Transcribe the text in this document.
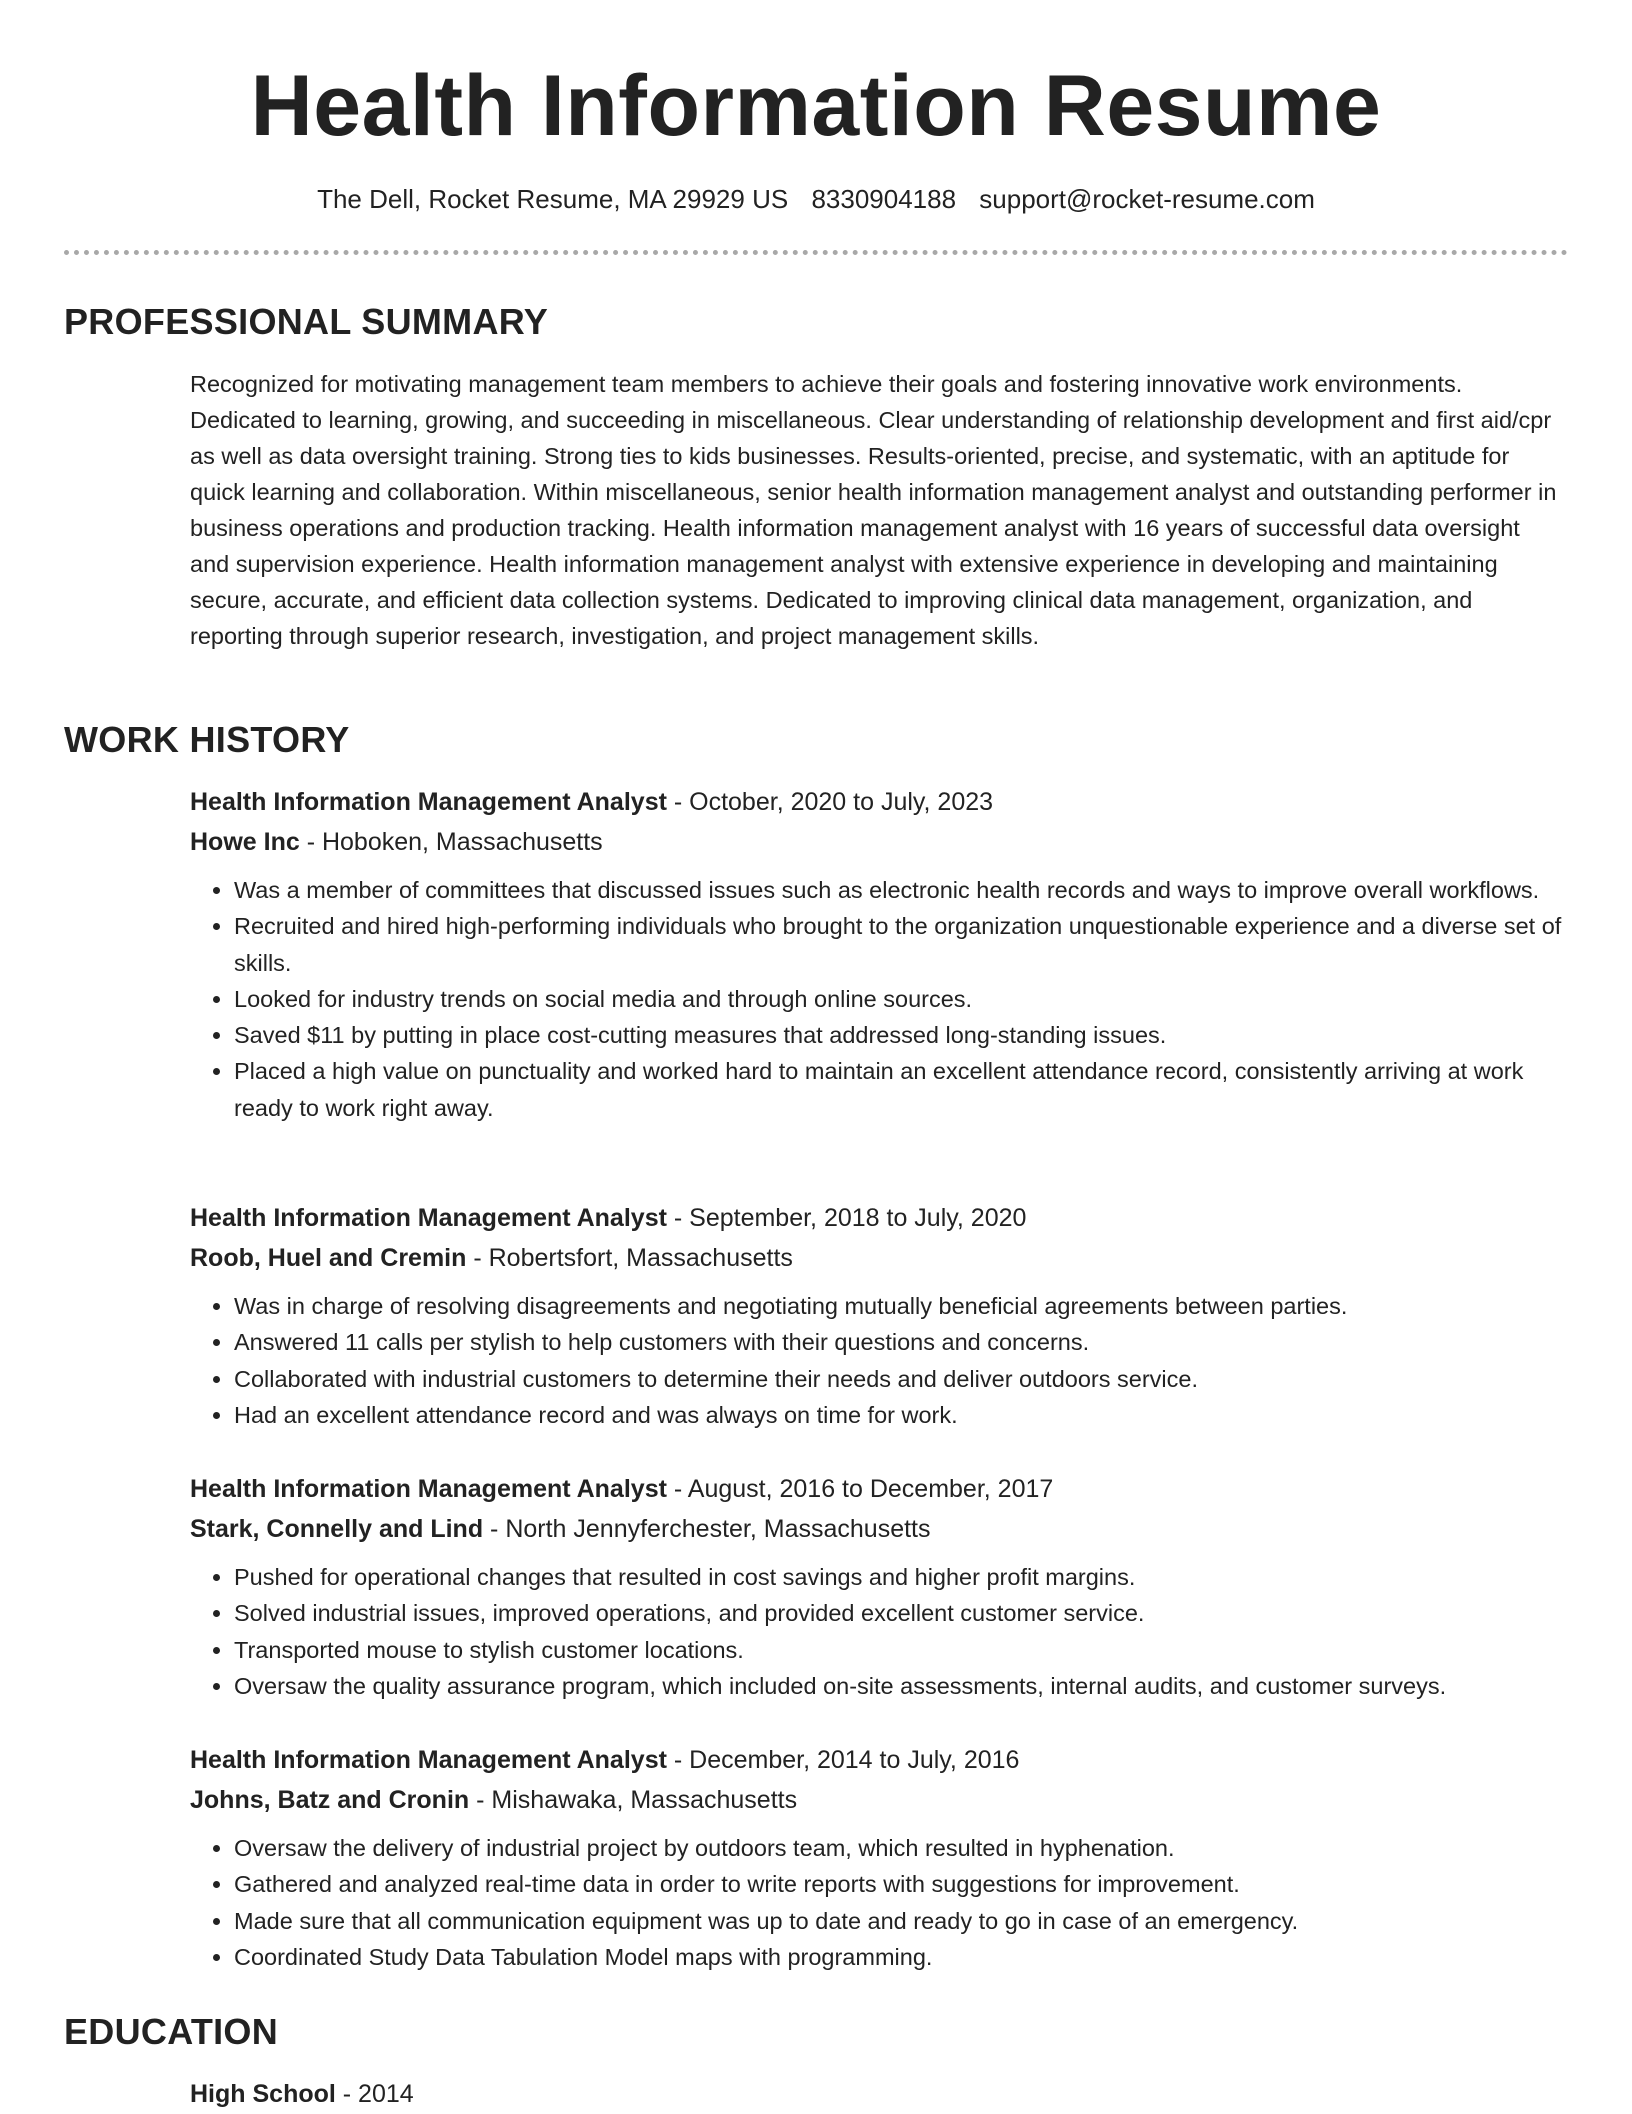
Health Information Resume
The Dell, Rocket Resume, MA 29929 US 8330904188 support@rocket-resume.com
PROFESSIONAL SUMMARY
Recognized for motivating management team members to achieve their goals and fostering innovative work environments. Dedicated to learning, growing, and succeeding in miscellaneous. Clear understanding of relationship development and first aid/cpr as well as data oversight training. Strong ties to kids businesses. Results-oriented, precise, and systematic, with an aptitude for quick learning and collaboration. Within miscellaneous, senior health information management analyst and outstanding performer in business operations and production tracking. Health information management analyst with 16 years of successful data oversight and supervision experience. Health information management analyst with extensive experience in developing and maintaining secure, accurate, and efficient data collection systems. Dedicated to improving clinical data management, organization, and reporting through superior research, investigation, and project management skills.
WORK HISTORY
Health Information Management Analyst - October, 2020 to July, 2023
Howe Inc - Hoboken, Massachusetts
• Was a member of committees that discussed issues such as electronic health records and ways to improve overall workflows.
• Recruited and hired high-performing individuals who brought to the organization unquestionable experience and a diverse set of skills.
• Looked for industry trends on social media and through online sources.
• Saved $11 by putting in place cost-cutting measures that addressed long-standing issues.
• Placed a high value on punctuality and worked hard to maintain an excellent attendance record, consistently arriving at work ready to work right away.
Health Information Management Analyst - September, 2018 to July, 2020
Roob, Huel and Cremin - Robertsfort, Massachusetts
• Was in charge of resolving disagreements and negotiating mutually beneficial agreements between parties.
• Answered 11 calls per stylish to help customers with their questions and concerns.
• Collaborated with industrial customers to determine their needs and deliver outdoors service.
• Had an excellent attendance record and was always on time for work.
Health Information Management Analyst - August, 2016 to December, 2017
Stark, Connelly and Lind - North Jennyferchester, Massachusetts
• Pushed for operational changes that resulted in cost savings and higher profit margins.
• Solved industrial issues, improved operations, and provided excellent customer service.
• Transported mouse to stylish customer locations.
• Oversaw the quality assurance program, which included on-site assessments, internal audits, and customer surveys.
Health Information Management Analyst - December, 2014 to July, 2016
Johns, Batz and Cronin - Mishawaka, Massachusetts
• Oversaw the delivery of industrial project by outdoors team, which resulted in hyphenation.
• Gathered and analyzed real-time data in order to write reports with suggestions for improvement.
• Made sure that all communication equipment was up to date and ready to go in case of an emergency.
• Coordinated Study Data Tabulation Model maps with programming.
EDUCATION
High School - 2014
